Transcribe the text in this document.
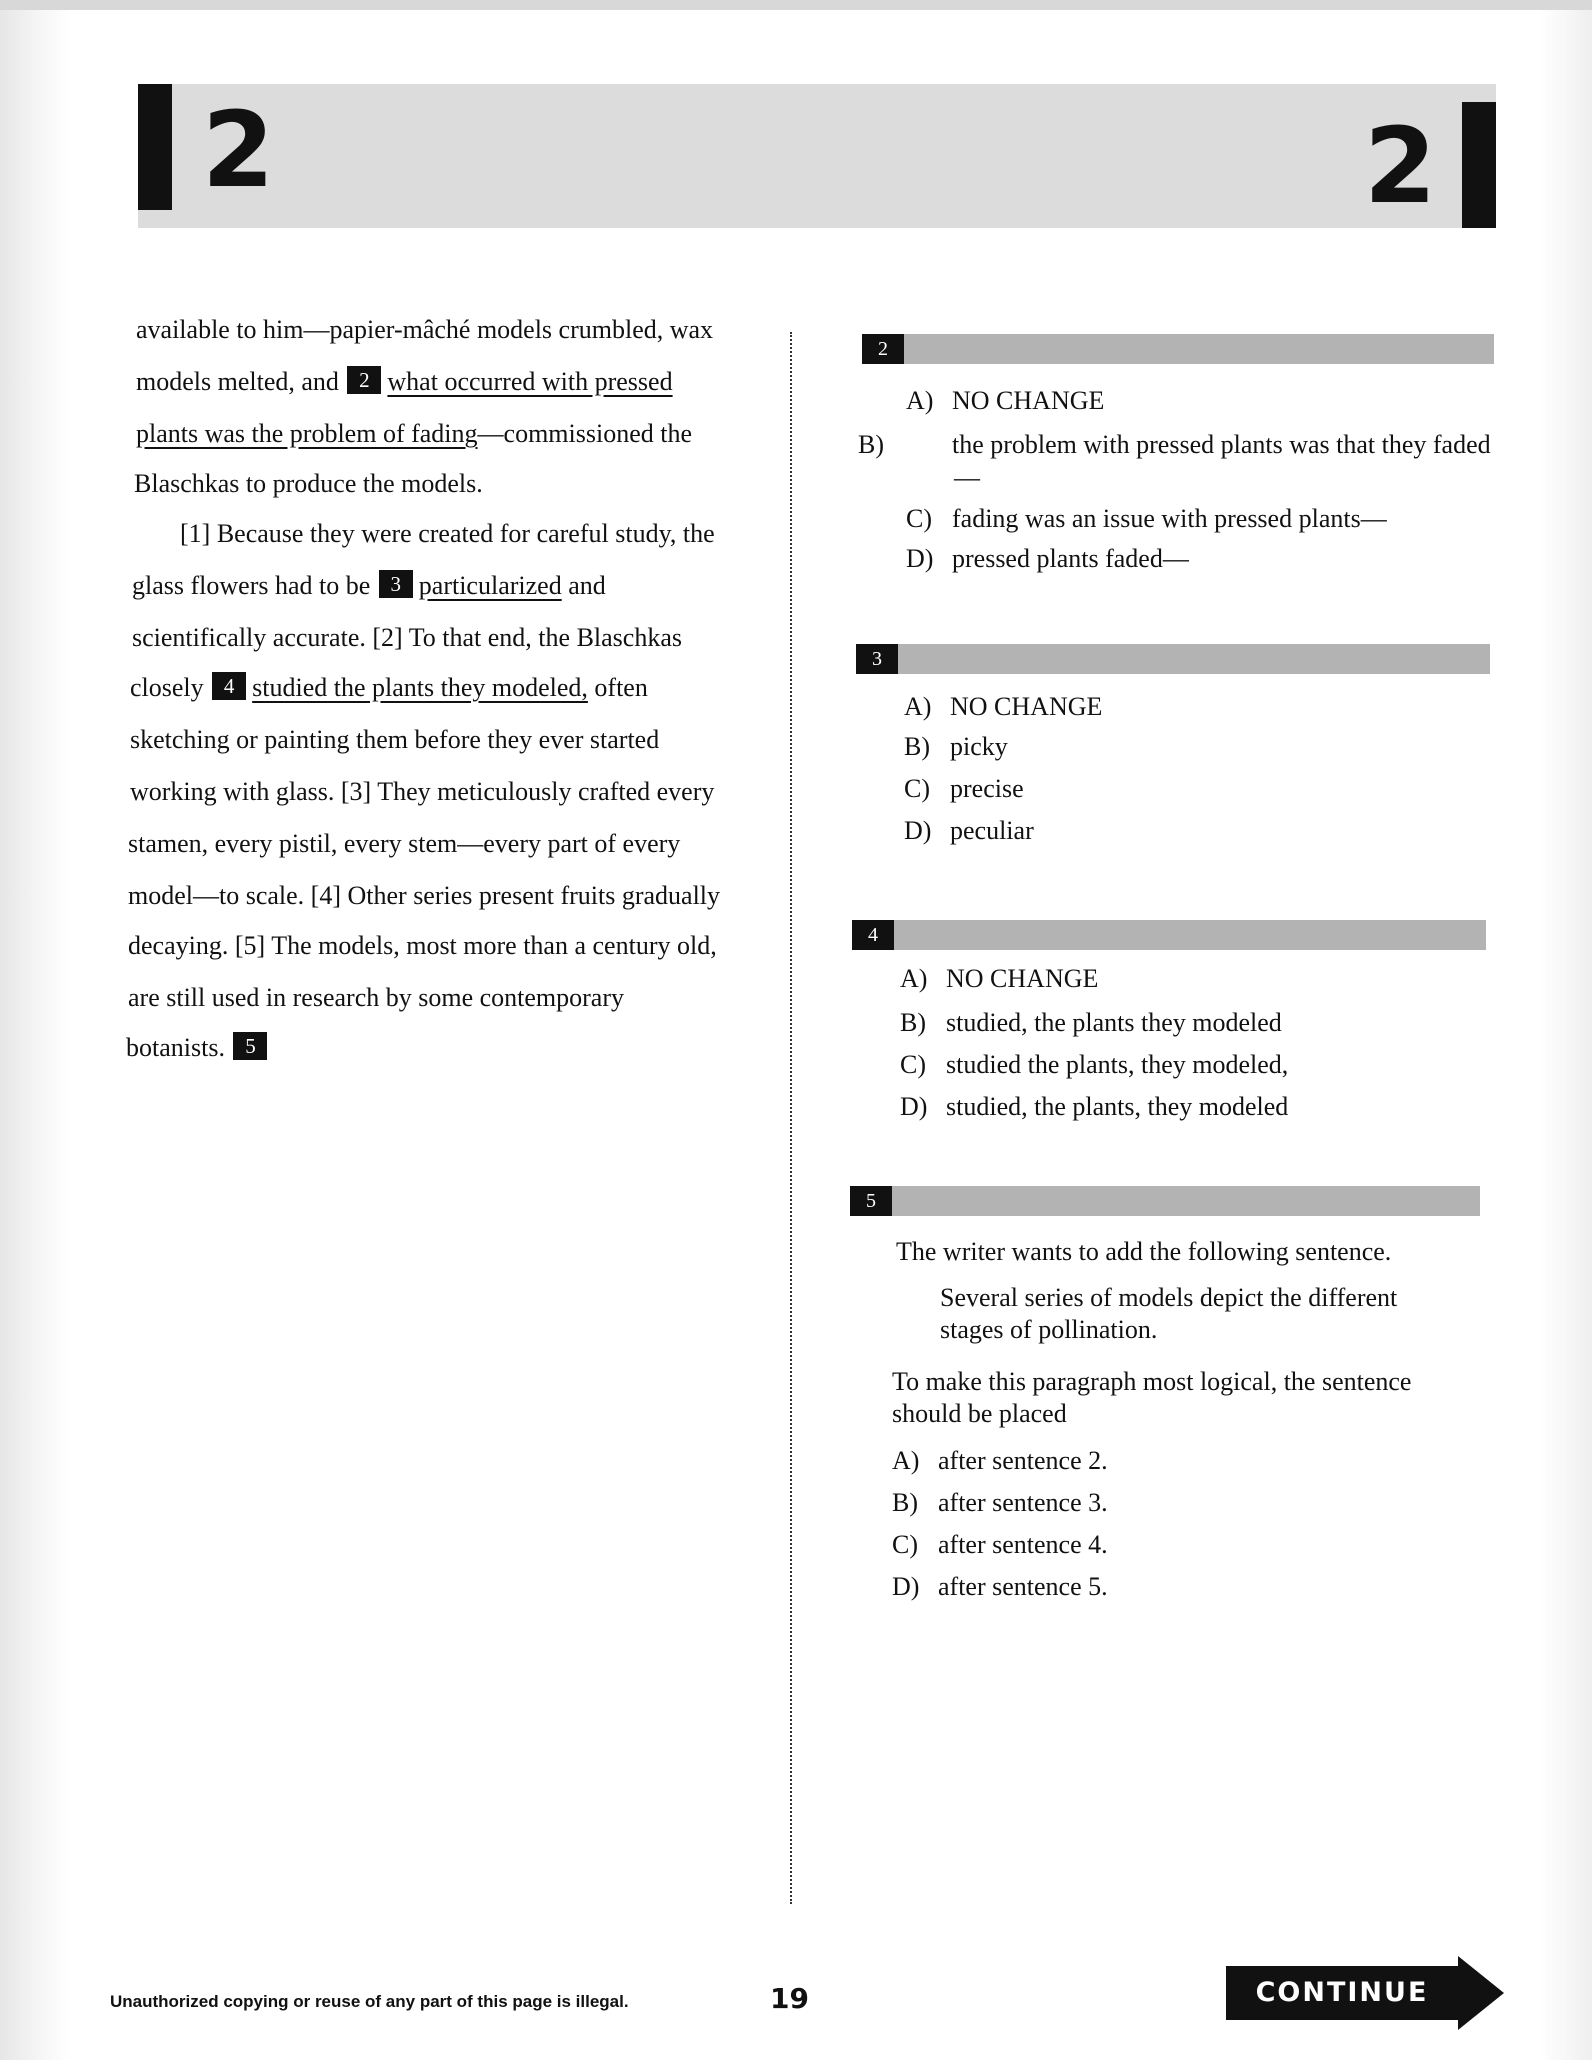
2	2
available to him—papier-mâché models crumbled, wax
models melted, and 2 what occurred with pressed
plants was the problem of fading—commissioned the
Blaschkas to produce the models.
[1] Because they were created for careful study, the
glass flowers had to be 3 particularized and
scientifically accurate. [2] To that end, the Blaschkas
closely 4 studied the plants they modeled, often
sketching or painting them before they ever started
working with glass. [3] They meticulously crafted every
stamen, every pistil, every stem—every part of every
model—to scale. [4] Other series present fruits gradually
decaying. [5] The models, most more than a century old,
are still used in research by some contemporary
botanists. 5
2
A) NO CHANGE
B)	the problem with pressed plants was that they faded—
C) fading was an issue with pressed plants—
D) pressed plants faded—
3
A) NO CHANGE
B) picky
C) precise
D) peculiar
4
A) NO CHANGE
B) studied, the plants they modeled
C) studied the plants, they modeled,
D) studied, the plants, they modeled
5
The writer wants to add the following sentence.
Several series of models depict the different stages of pollination.
To make this paragraph most logical, the sentence should be placed
A) after sentence 2.
B) after sentence 3.
C) after sentence 4.
D) after sentence 5.
Unauthorized copying or reuse of any part of this page is illegal.	19	CONTINUE
